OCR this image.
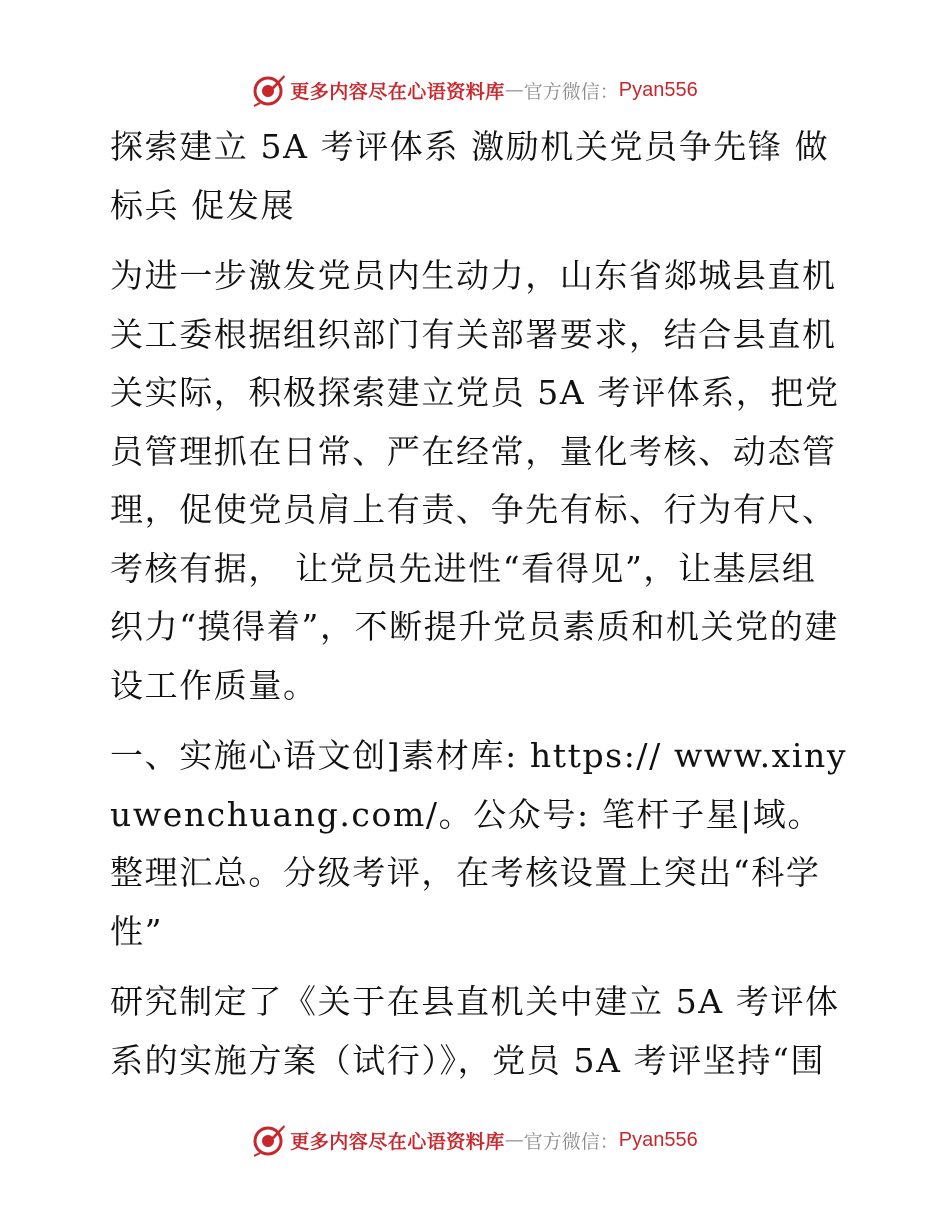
更多内容尽在心语资料库 — 官方微信： Pyan556

探索建立 5A 考评体系 激励机关党员争先锋 做标兵 促发展

为进一步激发党员内生动力，山东省郯城县直机关工委根据组织部门有关部署要求，结合县直机关实际，积极探索建立党员 5A 考评体系，把党员管理抓在日常、严在经常，量化考核、动态管理，促使党员肩上有责、争先有标、行为有尺、考核有据， 让党员先进性“看得见”，让基层组织力“摸得着”，不断提升党员素质和机关党的建设工作质量。

一、实施心语文创]素材库: https:// www.xinyuwenchuang.com/。公众号: 笔杆子星|域。整理汇总。分级考评，在考核设置上突出“科学性”

研究制定了《关于在县直机关中建立 5A 考评体系的实施方案（试行）》，党员 5A 考评坚持“围

更多内容尽在心语资料库 — 官方微信： Pyan556
